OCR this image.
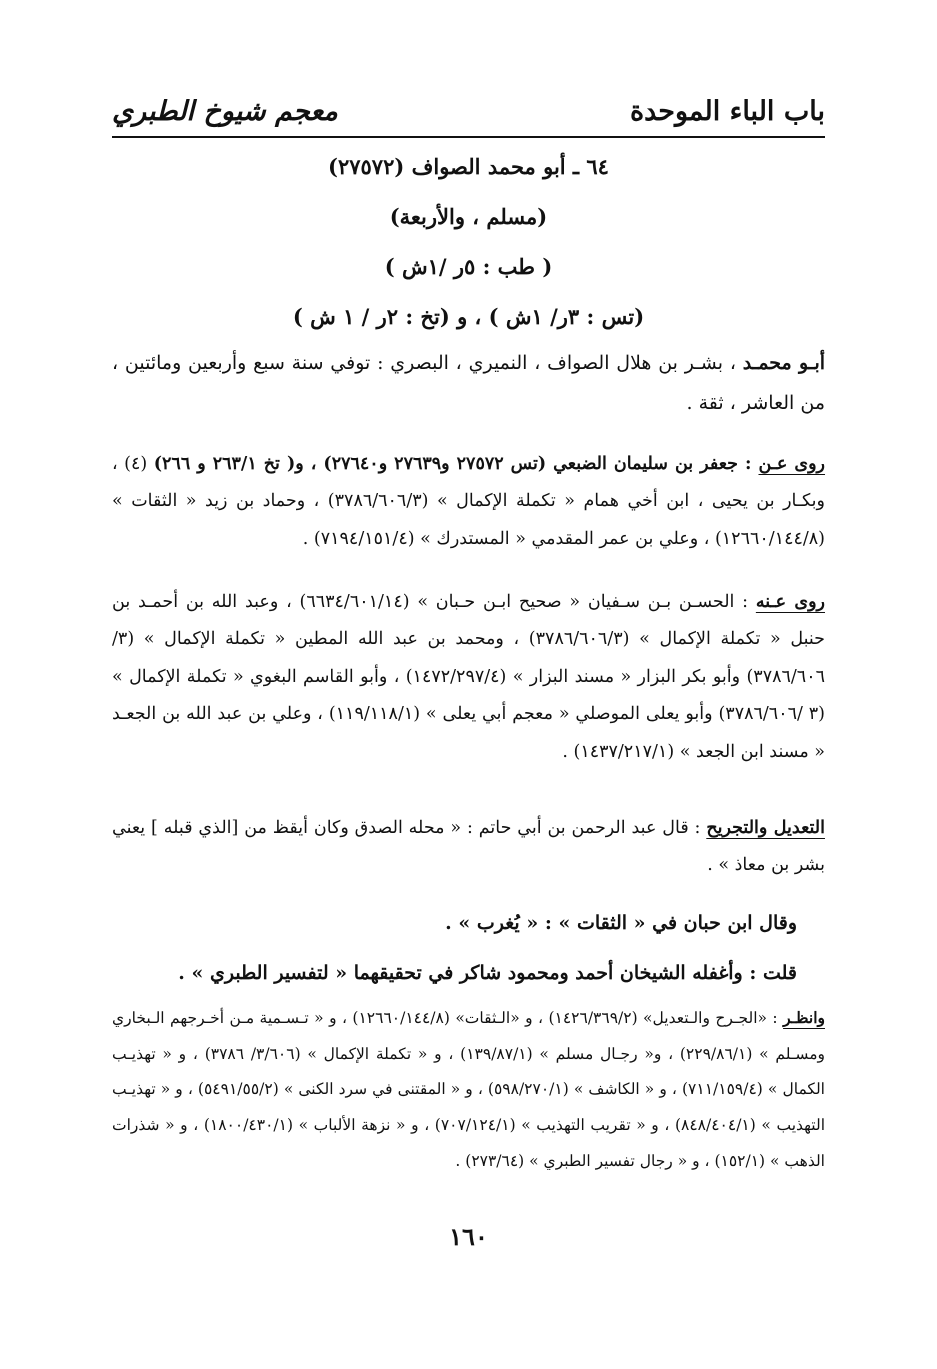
باب الباء الموحدة
معجم شيوخ الطبري
٦٤ ـ أبو محمد الصواف (٢٧٥٧٢)
(مسلم ، والأربعة)
( طب : ٥ر /١ش )
(تس : ٣ر/ ١ش ) ، و (تخ : ٢ر / ١ ش )
أبـو محمـد ، بشـر بن هلال الصواف ، النميري ، البصري : توفي سنة سبع وأربعين ومائتين ، من العاشر ، ثقة .
روى عـن : جعفر بن سليمان الضبعي (تس ٢٧٥٧٢ و٢٧٦٣٩ و٢٧٦٤٠) ، و( تخ ٢٦٣/١ و ٢٦٦) (٤) ، وبكـار بن يحيى ، ابن أخي همام « تكملة الإكمال » (٣٧٨٦/٦٠٦/٣) ، وحماد بن زيد « الثقات » (١٢٦٦٠/١٤٤/٨) ، وعلي بن عمر المقدمي « المستدرك » (٧١٩٤/١٥١/٤) .
روى عـنه : الحسـن بـن سـفيان « صحيح ابـن حـبان » (٦٦٣٤/٦٠١/١٤) ، وعبد الله بن أحمـد بن حنبل « تكملة الإكمال » (٣٧٨٦/٦٠٦/٣) ، ومحمد بن عبد الله المطين « تكملة الإكمال » (٣/ ٣٧٨٦/٦٠٦) وأبو بكر البزار « مسند البزار » (١٤٧٢/٢٩٧/٤) ، وأبو القاسم البغوي « تكملة الإكمال » (٣ /٣٧٨٦/٦٠٦) وأبو يعلى الموصلي « معجم أبي يعلى » (١١٩/١١٨/١) ، وعلي بن عبد الله بن الجعـد « مسند ابن الجعد » (١٤٣٧/٢١٧/١) .
التعديل والتجريح : قال عبد الرحمن بن أبي حاتم : « محله الصدق وكان أيقظ من [الذي قبله ] يعني بشر بن معاذ » .
وقال ابن حبان في « الثقات » : « يُغرب » .
قلت : وأغفله الشيخان أحمد ومحمود شاكر في تحقيقهما « لتفسير الطبري » .
وانظـر : «الجـرح والـتعديل» (١٤٢٦/٣٦٩/٢) ، و «الـثقات» (١٢٦٦٠/١٤٤/٨) ، و « تـسـمية مـن أخـرجهم الـبخاري ومسـلم » (٢٢٩/٨٦/١) ، و« رجـال مسلم » (١٣٩/٨٧/١) ، و « تكملة الإكمال » (٣/٦٠٦/ ٣٧٨٦) ، و « تهذيـب الكمال » (٧١١/١٥٩/٤) ، و « الكاشف » (٥٩٨/٢٧٠/١) ، و « المقتنى في سرد الكنى » (٥٤٩١/٥٥/٢) ، و « تهذيـب التهذيب » (٨٤٨/٤٠٤/١) ، و « تقريب التهذيب » (٧٠٧/١٢٤/١) ، و « نزهة الألباب » (١٨٠٠/٤٣٠/١) ، و « شذرات الذهب » (١٥٢/١) ، و « رجال تفسير الطبري » (٢٧٣/٦٤) .
١٦٠
